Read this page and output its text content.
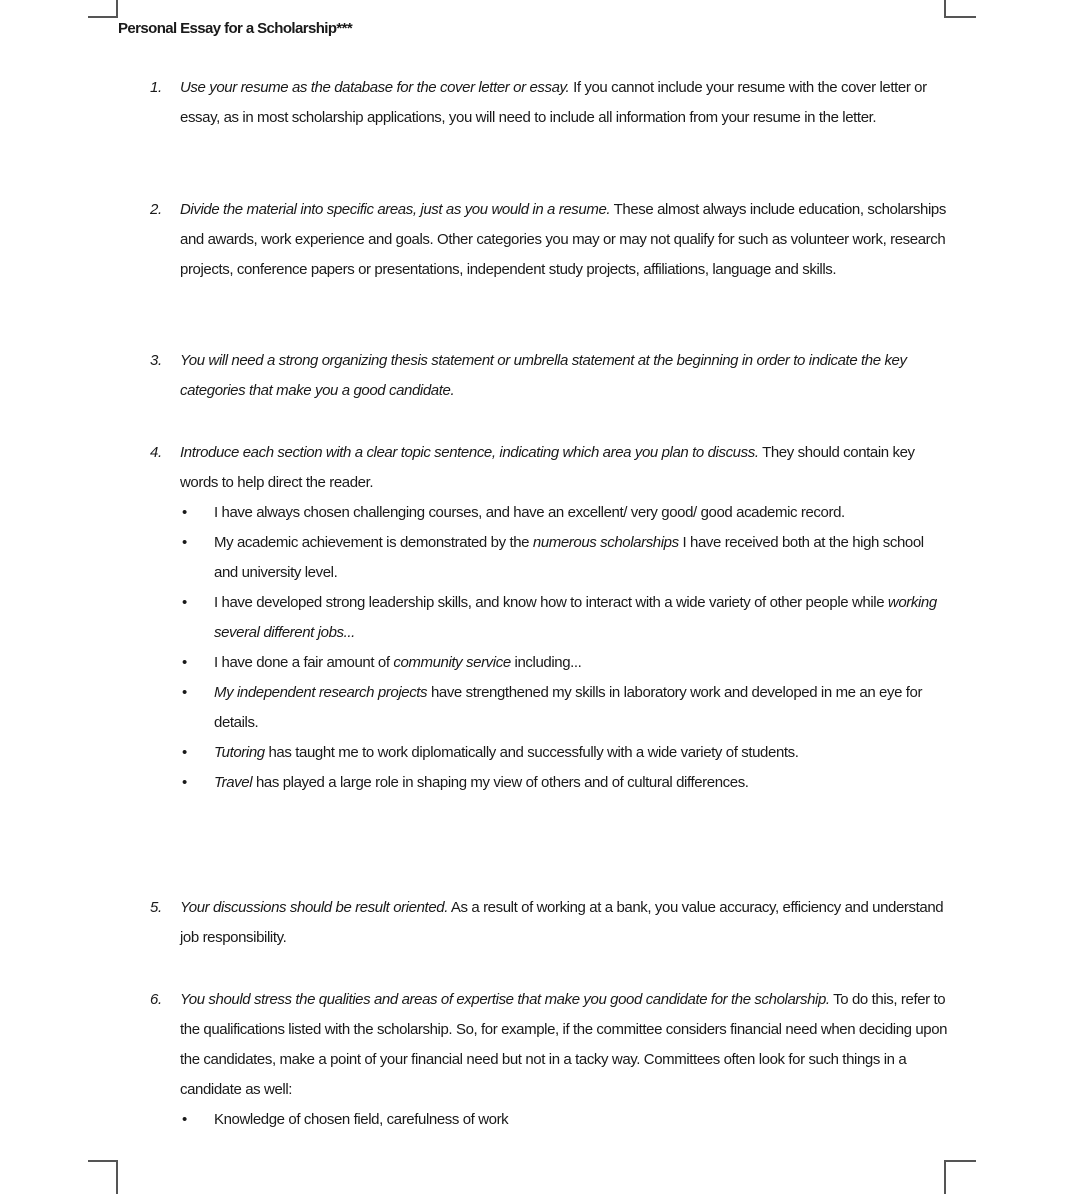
Personal Essay for a Scholarship***
1. Use your resume as the database for the cover letter or essay. If you cannot include your resume with the cover letter or essay, as in most scholarship applications, you will need to include all information from your resume in the letter.
2. Divide the material into specific areas, just as you would in a resume. These almost always include education, scholarships and awards, work experience and goals. Other categories you may or may not qualify for such as volunteer work, research projects, conference papers or presentations, independent study projects, affiliations, language and skills.
3. You will need a strong organizing thesis statement or umbrella statement at the beginning in order to indicate the key categories that make you a good candidate.
4. Introduce each section with a clear topic sentence, indicating which area you plan to discuss. They should contain key words to help direct the reader.
• I have always chosen challenging courses, and have an excellent/ very good/ good academic record.
• My academic achievement is demonstrated by the numerous scholarships I have received both at the high school and university level.
• I have developed strong leadership skills, and know how to interact with a wide variety of other people while working several different jobs...
• I have done a fair amount of community service including...
• My independent research projects have strengthened my skills in laboratory work and developed in me an eye for details.
• Tutoring has taught me to work diplomatically and successfully with a wide variety of students.
• Travel has played a large role in shaping my view of others and of cultural differences.
5. Your discussions should be result oriented. As a result of working at a bank, you value accuracy, efficiency and understand job responsibility.
6. You should stress the qualities and areas of expertise that make you good candidate for the scholarship. To do this, refer to the qualifications listed with the scholarship. So, for example, if the committee considers financial need when deciding upon the candidates, make a point of your financial need but not in a tacky way. Committees often look for such things in a candidate as well:
• Knowledge of chosen field, carefulness of work
